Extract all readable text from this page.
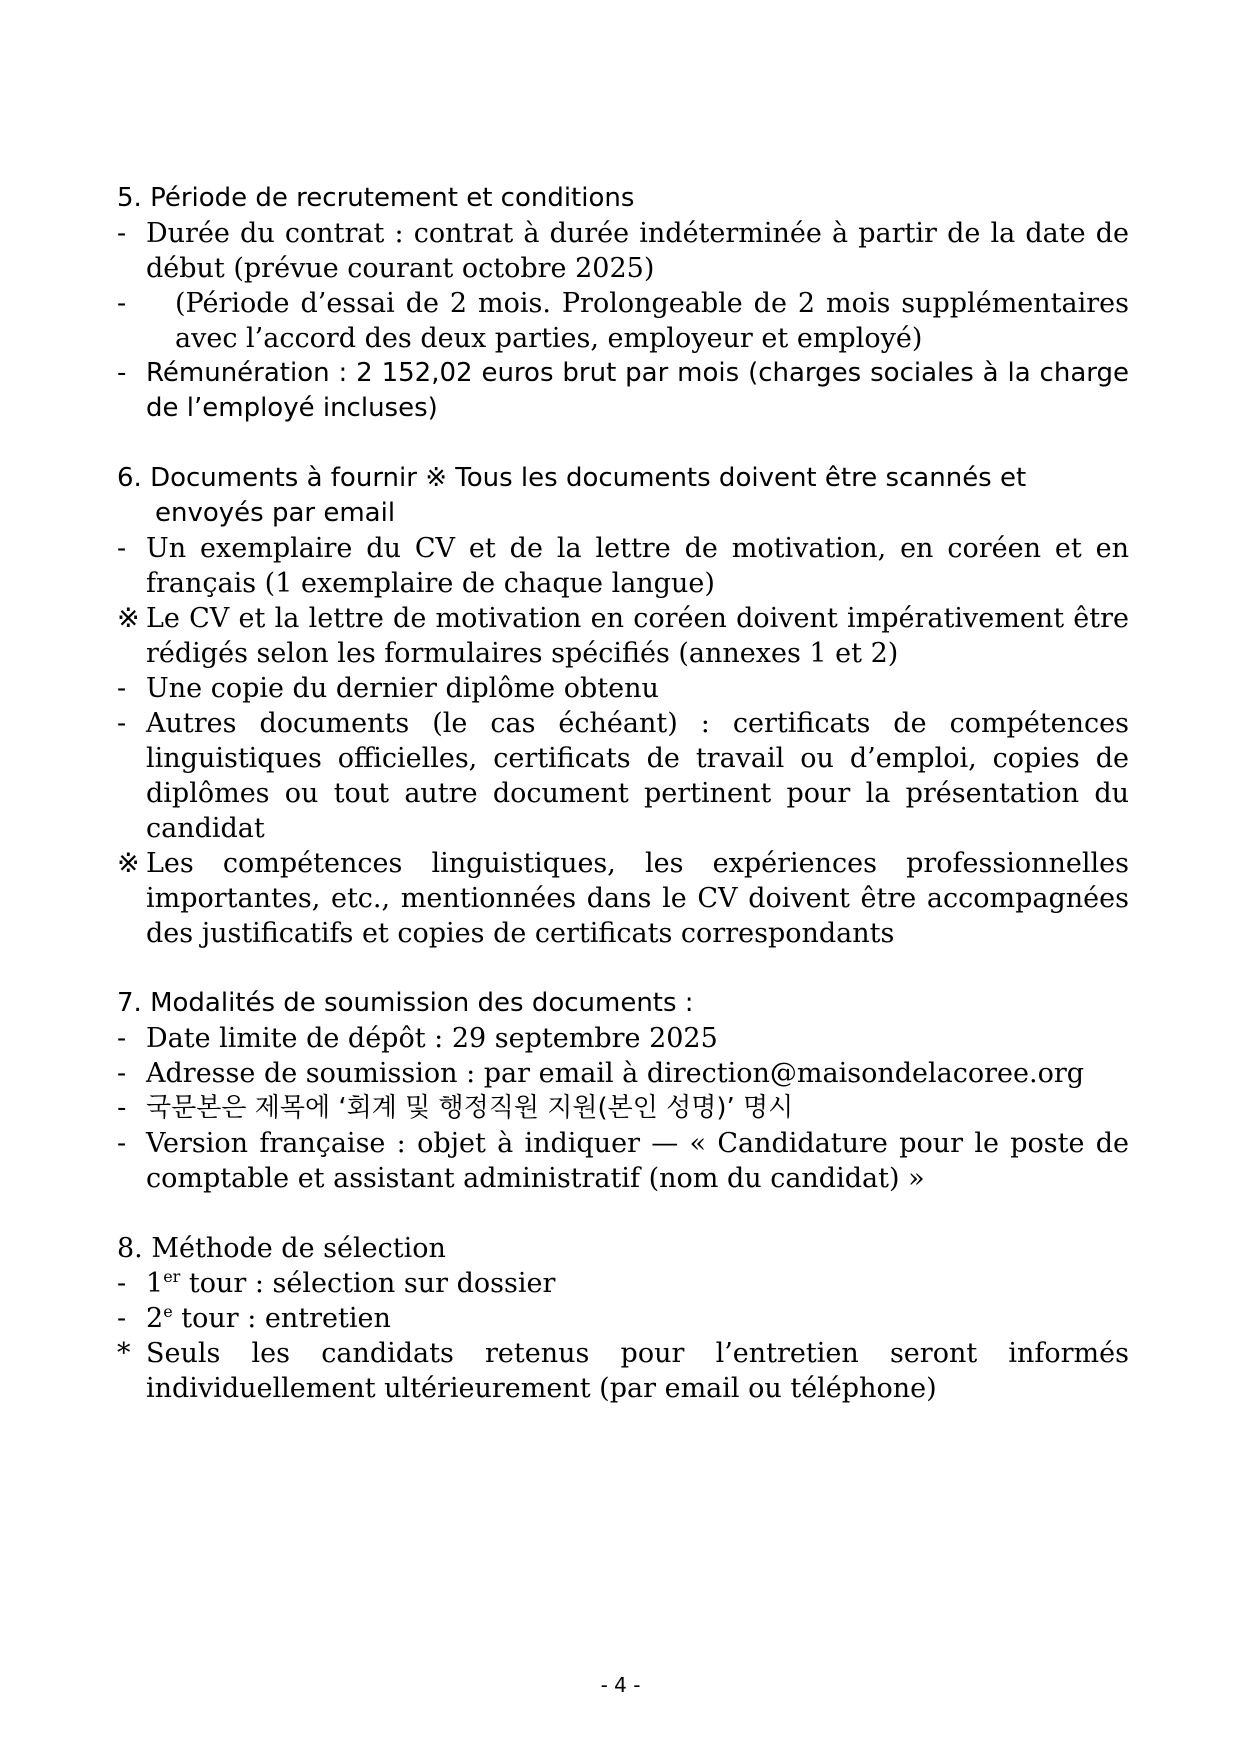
5. Période de recrutement et conditions
- Durée du contrat : contrat à durée indéterminée à partir de la date de début (prévue courant octobre 2025)
- (Période d’essai de 2 mois. Prolongeable de 2 mois supplémentaires avec l’accord des deux parties, employeur et employé)
- Rémunération : 2 152,02 euros brut par mois (charges sociales à la charge de l’employé incluses)
6. Documents à fournir ※ Tous les documents doivent être scannés et envoyés par email
- Un exemplaire du CV et de la lettre de motivation, en coréen et en français (1 exemplaire de chaque langue)
※ Le CV et la lettre de motivation en coréen doivent impérativement être rédigés selon les formulaires spécifiés (annexes 1 et 2)
- Une copie du dernier diplôme obtenu
- Autres documents (le cas échéant) : certificats de compétences linguistiques officielles, certificats de travail ou d’emploi, copies de diplômes ou tout autre document pertinent pour la présentation du candidat
※ Les compétences linguistiques, les expériences professionnelles importantes, etc., mentionnées dans le CV doivent être accompagnées des justificatifs et copies de certificats correspondants
7. Modalités de soumission des documents :
- Date limite de dépôt : 29 septembre 2025
- Adresse de soumission : par email à direction@maisondelacoree.org
- 국문본은 제목에 ‘회계 및 행정직원 지원(본인 성명)’ 명시
- Version française : objet à indiquer — « Candidature pour le poste de comptable et assistant administratif (nom du candidat) »
8. Méthode de sélection
- 1er tour : sélection sur dossier
- 2e tour : entretien
* Seuls les candidats retenus pour l’entretien seront informés individuellement ultérieurement (par email ou téléphone)
- 4 -
